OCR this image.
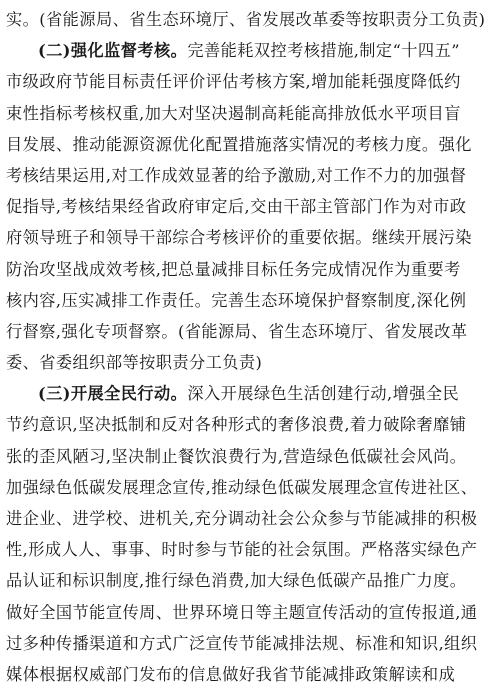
实。(省能源局、省生态环境厅、省发展改革委等按职责分工负责)
(二)强化监督考核。完善能耗双控考核措施,制定“十四五”
市级政府节能目标责任评价评估考核方案,增加能耗强度降低约
束性指标考核权重,加大对坚决遏制高耗能高排放低水平项目盲
目发展、推动能源资源优化配置措施落实情况的考核力度。强化
考核结果运用,对工作成效显著的给予激励,对工作不力的加强督
促指导,考核结果经省政府审定后,交由干部主管部门作为对市政
府领导班子和领导干部综合考核评价的重要依据。继续开展污染
防治攻坚战成效考核,把总量减排目标任务完成情况作为重要考
核内容,压实减排工作责任。完善生态环境保护督察制度,深化例
行督察,强化专项督察。(省能源局、省生态环境厅、省发展改革
委、省委组织部等按职责分工负责)
(三)开展全民行动。深入开展绿色生活创建行动,增强全民
节约意识,坚决抵制和反对各种形式的奢侈浪费,着力破除奢靡铺
张的歪风陋习,坚决制止餐饮浪费行为,营造绿色低碳社会风尚。
加强绿色低碳发展理念宣传,推动绿色低碳发展理念宣传进社区、
进企业、进学校、进机关,充分调动社会公众参与节能减排的积极
性,形成人人、事事、时时参与节能的社会氛围。严格落实绿色产
品认证和标识制度,推行绿色消费,加大绿色低碳产品推广力度。
做好全国节能宣传周、世界环境日等主题宣传活动的宣传报道,通
过多种传播渠道和方式广泛宣传节能减排法规、标准和知识,组织
媒体根据权威部门发布的信息做好我省节能减排政策解读和成
